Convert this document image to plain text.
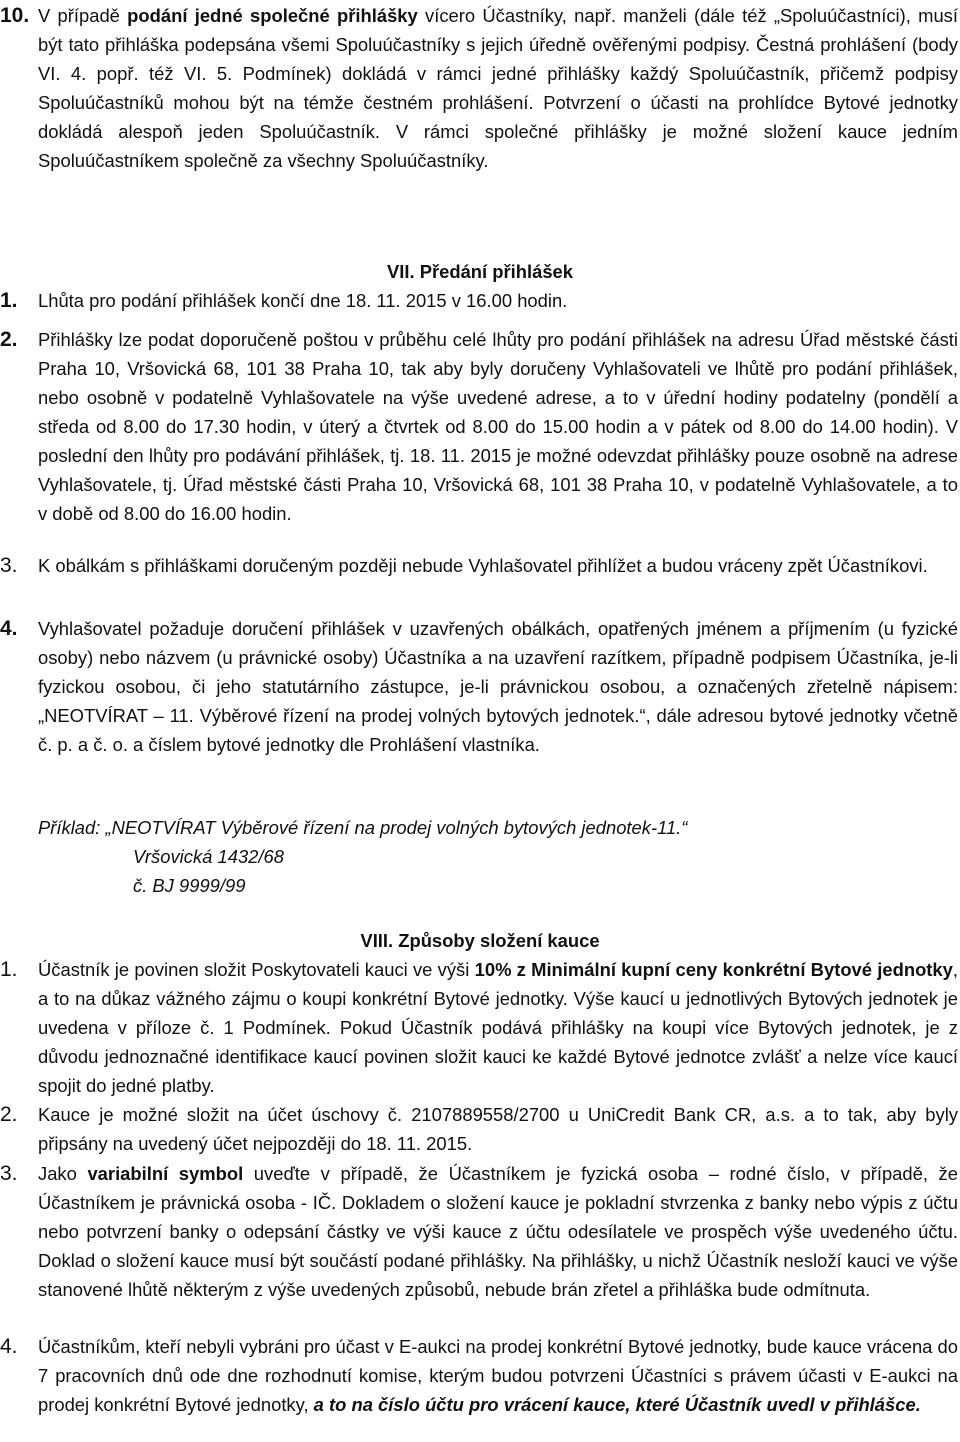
10. V případě podání jedné společné přihlášky vícero Účastníky, např. manželi (dále též „Spoluúčastníci), musí být tato přihláška podepsána všemi Spoluúčastníky s jejich úředně ověřenými podpisy. Čestná prohlášení (body VI. 4. popř. též VI. 5. Podmínek) dokládá v rámci jedné přihlášky každý Spoluúčastník, přičemž podpisy Spoluúčastníků mohou být na témže čestném prohlášení. Potvrzení o účasti na prohlídce Bytové jednotky dokládá alespoň jeden Spoluúčastník. V rámci společné přihlášky je možné složení kauce jedním Spoluúčastníkem společně za všechny Spoluúčastníky.

VII. Předání přihlášek
1. Lhůta pro podání přihlášek končí dne 18. 11. 2015 v 16.00 hodin.

2. Přihlášky lze podat doporučeně poštou v průběhu celé lhůty pro podání přihlášek na adresu Úřad městské části Praha 10, Vršovická 68, 101 38 Praha 10, tak aby byly doručeny Vyhlašovateli ve lhůtě pro podání přihlášek, nebo osobně v podatelně Vyhlašovatele na výše uvedené adrese, a to v úřední hodiny podatelny (pondělí a středa od 8.00 do 17.30 hodin, v úterý a čtvrtek od 8.00 do 15.00 hodin a v pátek od 8.00 do 14.00 hodin). V poslední den lhůty pro podávání přihlášek, tj. 18. 11. 2015 je možné odevzdat přihlášky pouze osobně na adrese Vyhlašovatele, tj. Úřad městské části Praha 10, Vršovická 68, 101 38 Praha 10, v podatelně Vyhlašovatele, a to v době od 8.00 do 16.00 hodin.

3. K obálkám s přihláškami doručeným později nebude Vyhlašovatel přihlížet a budou vráceny zpět Účastníkovi.

4. Vyhlašovatel požaduje doručení přihlášek v uzavřených obálkách, opatřených jménem a příjmením (u fyzické osoby) nebo názvem (u právnické osoby) Účastníka a na uzavření razítkem, případně podpisem Účastníka, je-li fyzickou osobou, či jeho statutárního zástupce, je-li právnickou osobou, a označených zřetelně nápisem: „NEOTVÍRAT – 11. Výběrové řízení na prodej volných bytových jednotek.“, dále adresou bytové jednotky včetně č. p. a č. o. a číslem bytové jednotky dle Prohlášení vlastníka.

Příklad: „NEOTVÍRAT Výběrové řízení na prodej volných bytových jednotek-11.“
Vršovická 1432/68
č. BJ 9999/99
VIII. Způsoby složení kauce
1. Účastník je povinen složit Poskytovateli kauci ve výši 10% z Minimální kupní ceny konkrétní Bytové jednotky, a to na důkaz vážného zájmu o koupi konkrétní Bytové jednotky. Výše kaucí u jednotlivých Bytových jednotek je uvedena v příloze č. 1 Podmínek. Pokud Účastník podává přihlášky na koupi více Bytových jednotek, je z důvodu jednoznačné identifikace kaucí povinen složit kauci ke každé Bytové jednotce zvlášť a nelze více kaucí spojit do jedné platby.

2. Kauce je možné složit na účet úschovy č. 2107889558/2700 u UniCredit Bank CR, a.s. a to tak, aby byly připsány na uvedený účet nejpozději do 18. 11. 2015.

3. Jako variabilní symbol uveďte v případě, že Účastníkem je fyzická osoba – rodné číslo, v případě, že Účastníkem je právnická osoba - IČ. Dokladem o složení kauce je pokladní stvrzenka z banky nebo výpis z účtu nebo potvrzení banky o odepsání částky ve výši kauce z účtu odesílatele ve prospěch výše uvedeného účtu. Doklad o složení kauce musí být součástí podané přihlášky. Na přihlášky, u nichž Účastník nesloží kauci ve výše stanovené lhůtě některým z výše uvedených způsobů, nebude brán zřetel a přihláška bude odmítnuta.

4. Účastníkům, kteří nebyli vybráni pro účast v E-aukci na prodej konkrétní Bytové jednotky, bude kauce vrácena do 7 pracovních dnů ode dne rozhodnutí komise, kterým budou potvrzeni Účastníci s právem účasti v E-aukci na prodej konkrétní Bytové jednotky, a to na číslo účtu pro vrácení kauce, které Účastník uvedl v přihlášce.
